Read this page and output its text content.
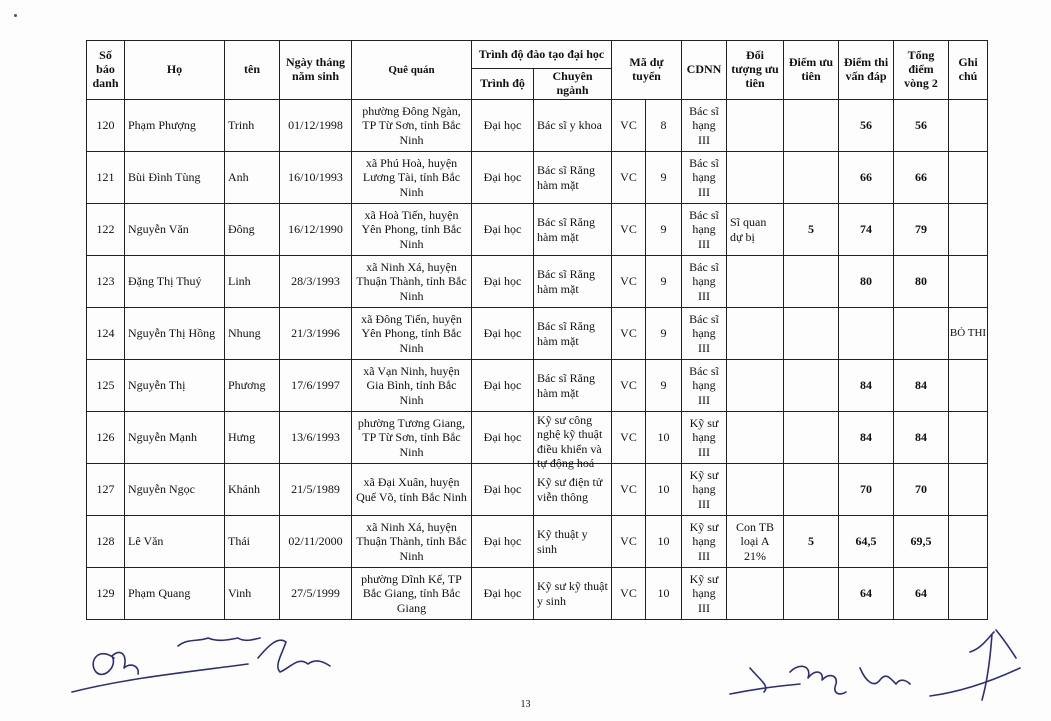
Số báo danh	Họ	tên	Ngày tháng năm sinh	Quê quán	Trình độ đào tạo đại học		Mã dự tuyển		CDNN	Đối tượng ưu tiên	Điểm ưu tiên	Điểm thi vấn đáp	Tổng điểm vòng 2	Ghi chú
					Trình độ	Chuyên ngành								
120	Phạm Phượng	Trinh	01/12/1998	phường Đông Ngàn, TP Từ Sơn, tỉnh Bắc Ninh	Đại học	Bác sĩ y khoa	VC	8	Bác sĩ hạng III			56	56	
121	Bùi Đình Tùng	Anh	16/10/1993	xã Phú Hoà, huyện Lương Tài, tỉnh Bắc Ninh	Đại học	Bác sĩ Răng hàm mặt	VC	9	Bác sĩ hạng III			66	66	
122	Nguyễn Văn	Đông	16/12/1990	xã Hoà Tiến, huyện Yên Phong, tỉnh Bắc Ninh	Đại học	Bác sĩ Răng hàm mặt	VC	9	Bác sĩ hạng III	Sĩ quan dự bị	5	74	79	
123	Đặng Thị Thuý	Linh	28/3/1993	xã Ninh Xá, huyện Thuận Thành, tỉnh Bắc Ninh	Đại học	Bác sĩ Răng hàm mặt	VC	9	Bác sĩ hạng III			80	80	
124	Nguyễn Thị Hồng	Nhung	21/3/1996	xã Đông Tiến, huyện Yên Phong, tỉnh Bắc Ninh	Đại học	Bác sĩ Răng hàm mặt	VC	9	Bác sĩ hạng III					BỎ THI
125	Nguyễn Thị	Phương	17/6/1997	xã Vạn Ninh, huyện Gia Bình, tỉnh Bắc Ninh	Đại học	Bác sĩ Răng hàm mặt	VC	9	Bác sĩ hạng III			84	84	
126	Nguyễn Mạnh	Hưng	13/6/1993	phường Tương Giang, TP Từ Sơn, tỉnh Bắc Ninh	Đại học	Kỹ sư công nghệ kỹ thuật điều khiển và tự động hoá	VC	10	Kỹ sư hạng III			84	84	
127	Nguyễn Ngọc	Khánh	21/5/1989	xã Đại Xuân, huyện Quế Võ, tỉnh Bắc Ninh	Đại học	Kỹ sư điện tử viễn thông	VC	10	Kỹ sư hạng III			70	70	
128	Lê Văn	Thái	02/11/2000	xã Ninh Xá, huyện Thuận Thành, tỉnh Bắc Ninh	Đại học	Kỹ thuật y sinh	VC	10	Kỹ sư hạng III	Con TB loại A 21%	5	64,5	69,5	
129	Phạm Quang	Vinh	27/5/1999	phường Dĩnh Kế, TP Bắc Giang, tỉnh Bắc Giang	Đại học	Kỹ sư kỹ thuật y sinh	VC	10	Kỹ sư hạng III			64	64	
13
